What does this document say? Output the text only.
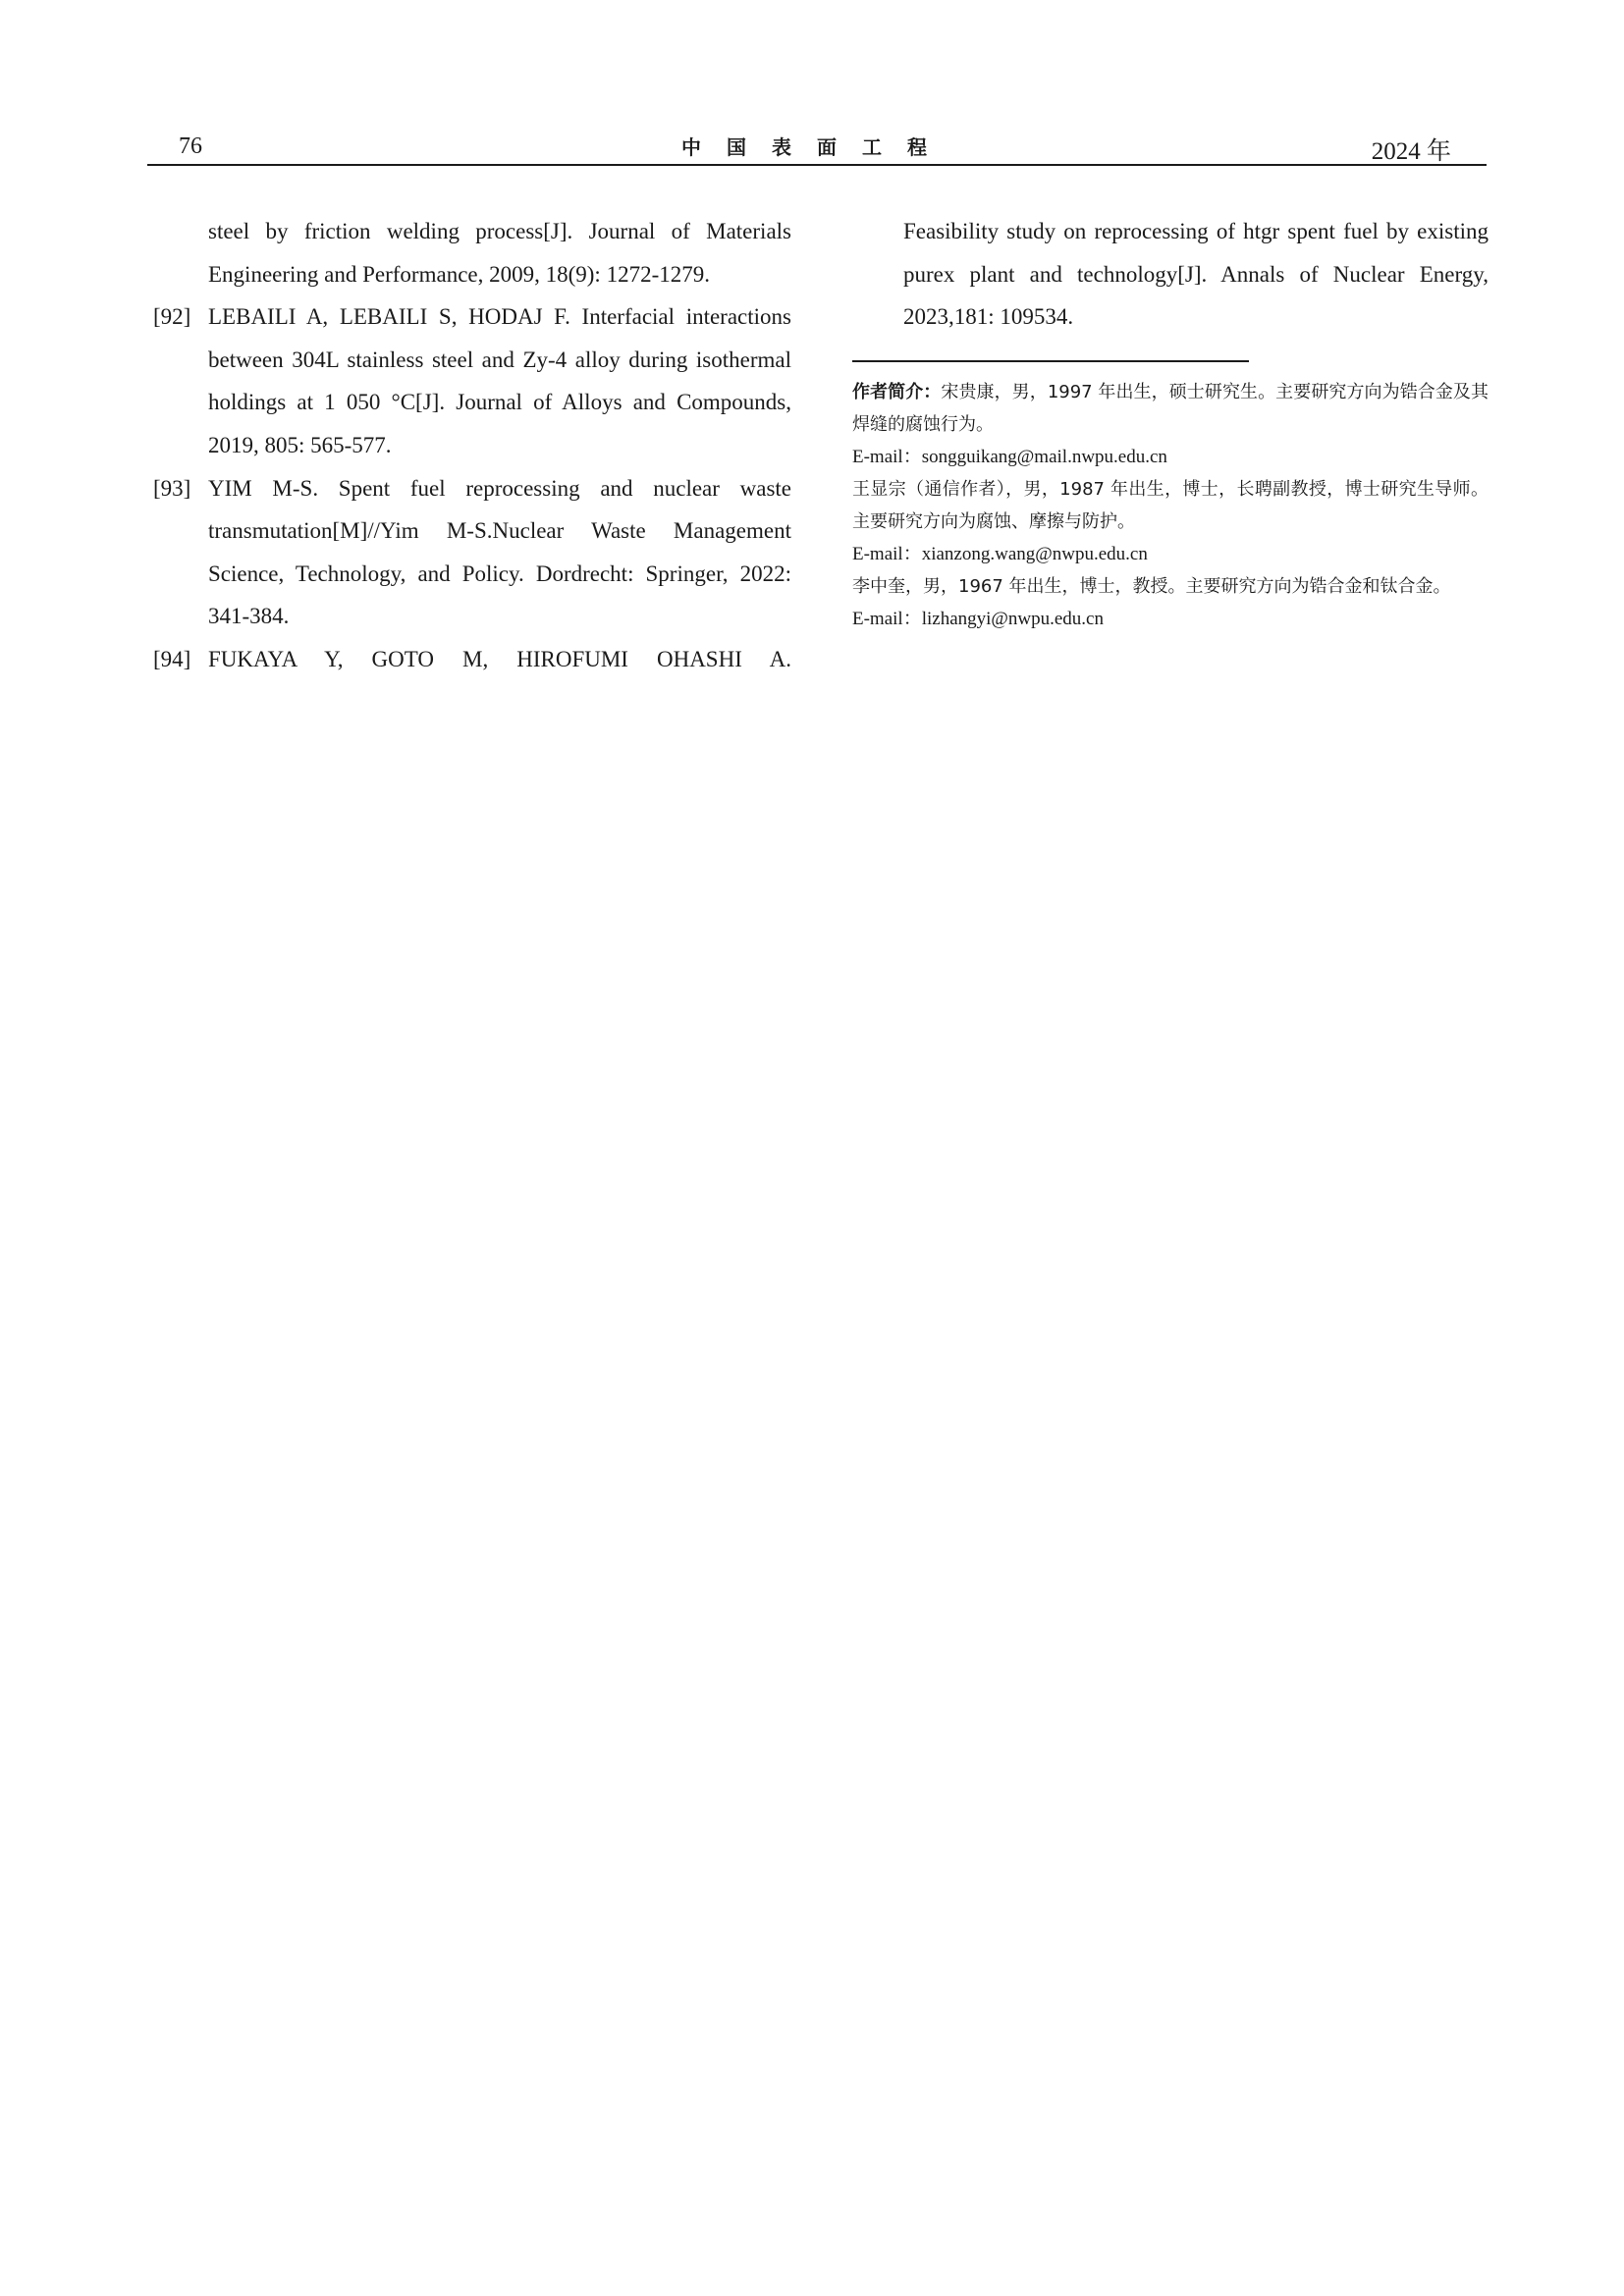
76	中国表面工程	2024 年
steel by friction welding process[J]. Journal of Materials Engineering and Performance, 2009, 18(9): 1272-1279.
[92] LEBAILI A, LEBAILI S, HODAJ F. Interfacial interactions between 304L stainless steel and Zy-4 alloy during isothermal holdings at 1 050 °C[J]. Journal of Alloys and Compounds, 2019, 805: 565-577.
[93] YIM M-S. Spent fuel reprocessing and nuclear waste transmutation[M]//Yim M-S.Nuclear Waste Management Science, Technology, and Policy. Dordrecht: Springer, 2022: 341-384.
[94] FUKAYA Y, GOTO M, HIROFUMI OHASHI A.
Feasibility study on reprocessing of htgr spent fuel by existing purex plant and technology[J]. Annals of Nuclear Energy, 2023,181: 109534.
作者简介：宋贵康，男，1997 年出生，硕士研究生。主要研究方向为锆合金及其焊缝的腐蚀行为。
E-mail：songguikang@mail.nwpu.edu.cn
王显宗（通信作者），男，1987 年出生，博士，长聘副教授，博士研究生导师。主要研究方向为腐蚀、摩擦与防护。
E-mail：xianzong.wang@nwpu.edu.cn
李中奎，男，1967 年出生，博士，教授。主要研究方向为锆合金和钛合金。
E-mail：lizhangyi@nwpu.edu.cn
